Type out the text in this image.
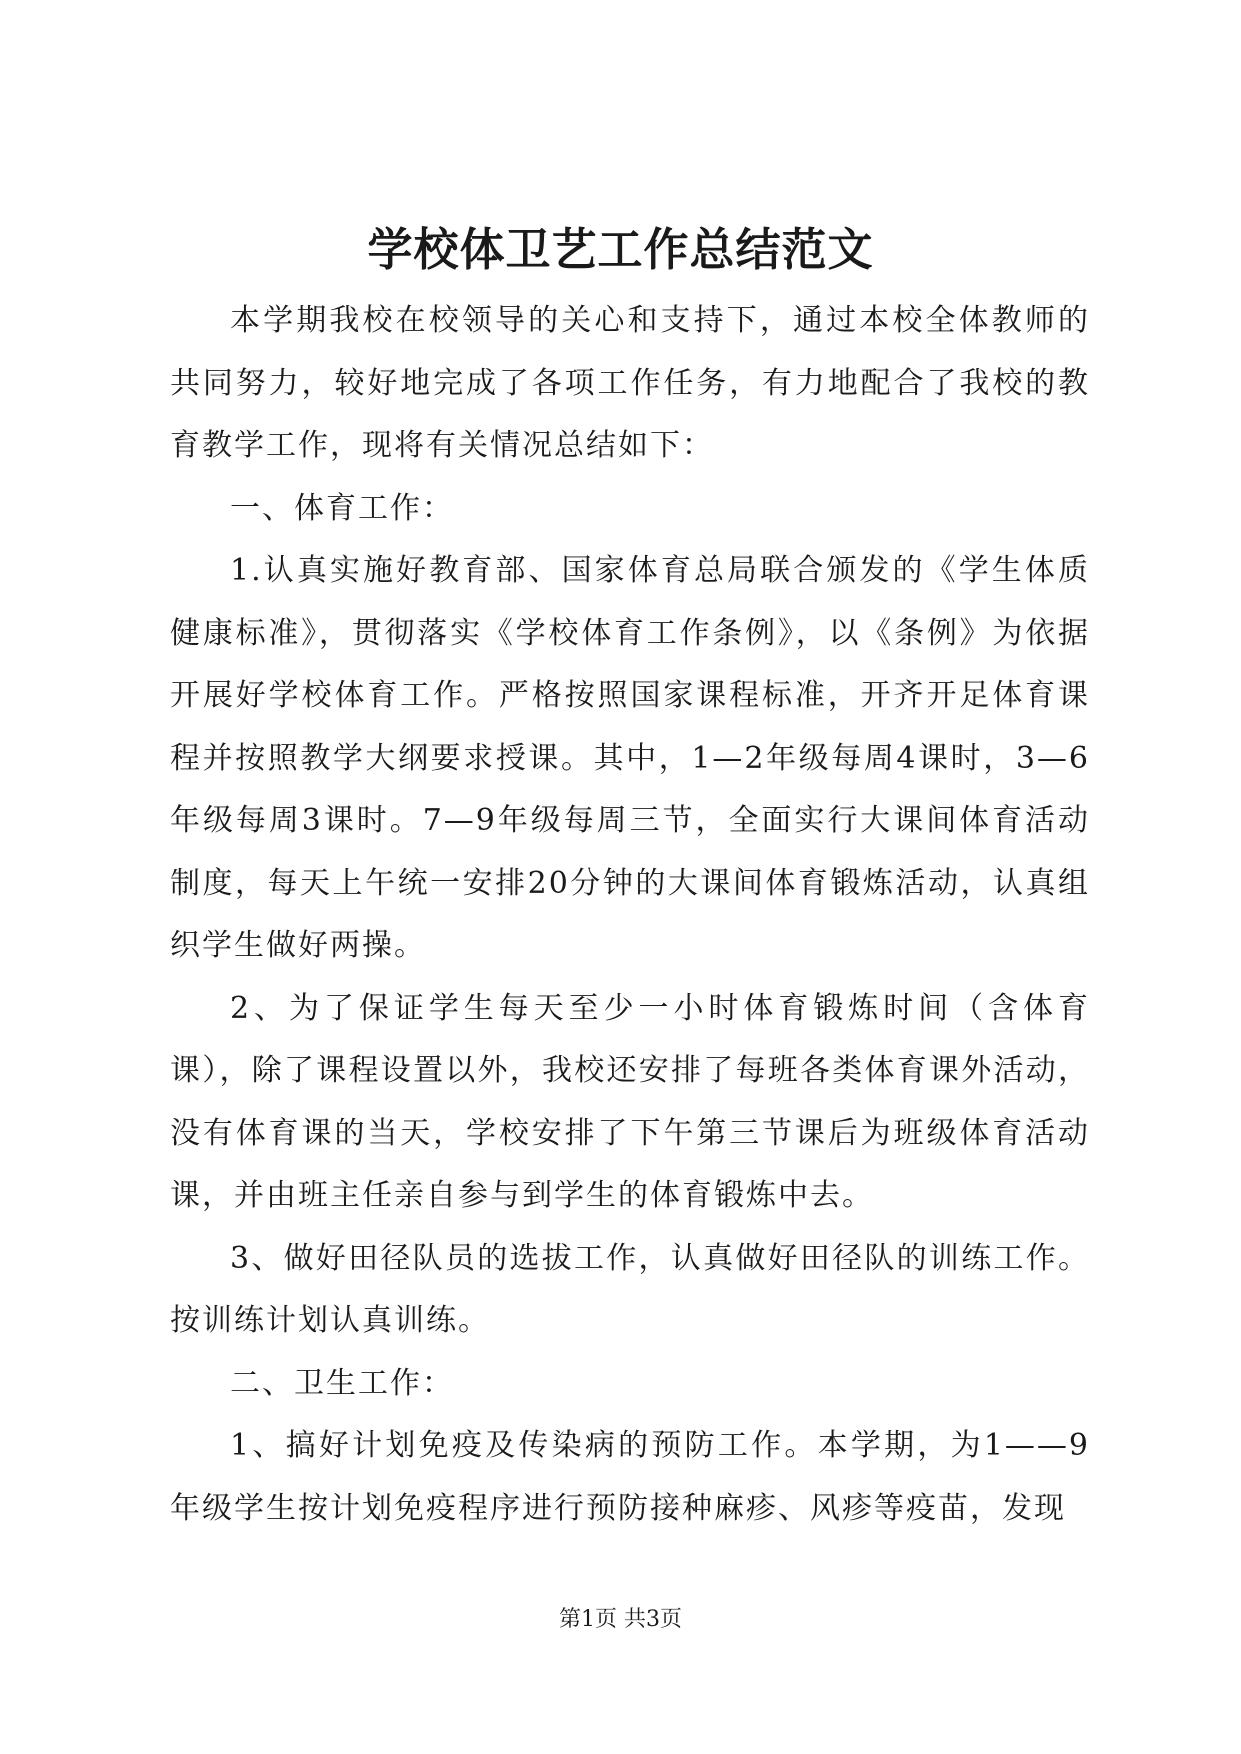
学校体卫艺工作总结范文

本学期我校在校领导的关心和支持下，通过本校全体教师的共同努力，较好地完成了各项工作任务，有力地配合了我校的教育教学工作，现将有关情况总结如下：

一、体育工作：

1.认真实施好教育部、国家体育总局联合颁发的《学生体质健康标准》，贯彻落实《学校体育工作条例》，以《条例》为依据开展好学校体育工作。严格按照国家课程标准，开齐开足体育课程并按照教学大纲要求授课。其中，1—2年级每周4课时，3—6年级每周3课时。7—9年级每周三节，全面实行大课间体育活动制度，每天上午统一安排20分钟的大课间体育锻炼活动，认真组织学生做好两操。

2、为了保证学生每天至少一小时体育锻炼时间（含体育课），除了课程设置以外，我校还安排了每班各类体育课外活动，没有体育课的当天，学校安排了下午第三节课后为班级体育活动课，并由班主任亲自参与到学生的体育锻炼中去。

3、做好田径队员的选拔工作，认真做好田径队的训练工作。按训练计划认真训练。

二、卫生工作：

1、搞好计划免疫及传染病的预防工作。本学期，为1——9年级学生按计划免疫程序进行预防接种麻疹、风疹等疫苗，发现

第1页 共3页
